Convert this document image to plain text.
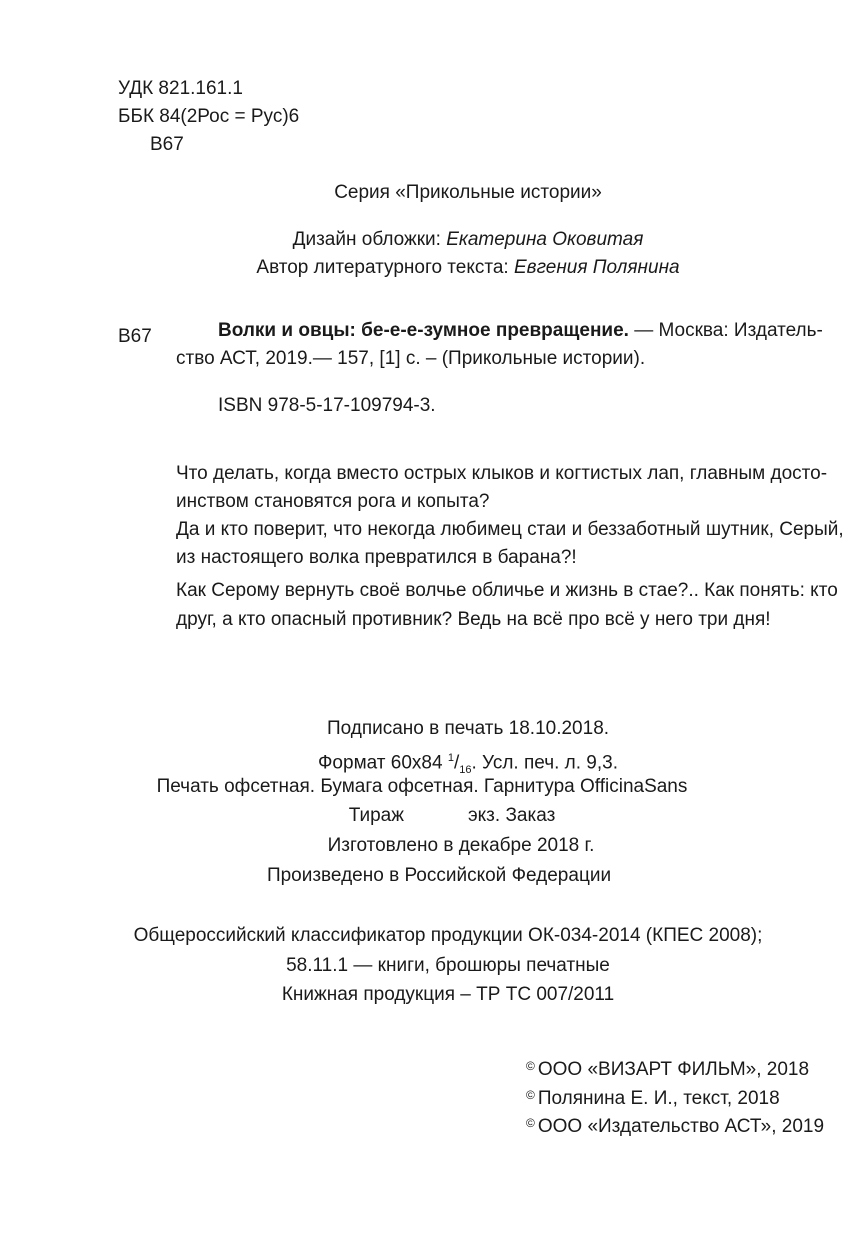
УДК 821.161.1
ББК 84(2Рос = Рус)6
В67
Серия «Прикольные истории»
Дизайн обложки: Екатерина Оковитая
Автор литературного текста: Евгения Полянина
В67	Волки и овцы: бе-е-е-зумное превращение. — Москва: Издатель-
ство АСТ, 2019.— 157, [1] с. – (Прикольные истории).
ISBN 978-5-17-109794-3.
Что делать, когда вместо острых клыков и когтистых лап, главным досто-
инством становятся рога и копыта?
Да и кто поверит, что некогда любимец стаи и беззаботный шутник, Серый,
из настоящего волка превратился в барана?!
Как Серому вернуть своё волчье обличье и жизнь в стае?.. Как понять: кто
друг, а кто опасный противник? Ведь на всё про всё у него три дня!
Подписано в печать 18.10.2018.
Формат 60х84 $^1/_{16}$. Усл. печ. л. 9,3.
Печать офсетная. Бумага офсетная. Гарнитура OfficinaSans
Тираж	экз. Заказ
Изготовлено в декабре 2018 г.
Произведено в Российской Федерации
Общероссийский классификатор продукции ОК-034-2014 (КПЕС 2008);
58.11.1 — книги, брошюры печатные
Книжная продукция – ТР ТС 007/2011
© ООО «ВИЗАРТ ФИЛЬМ», 2018
© Полянина Е. И., текст, 2018
© ООО «Издательство АСТ», 2019
